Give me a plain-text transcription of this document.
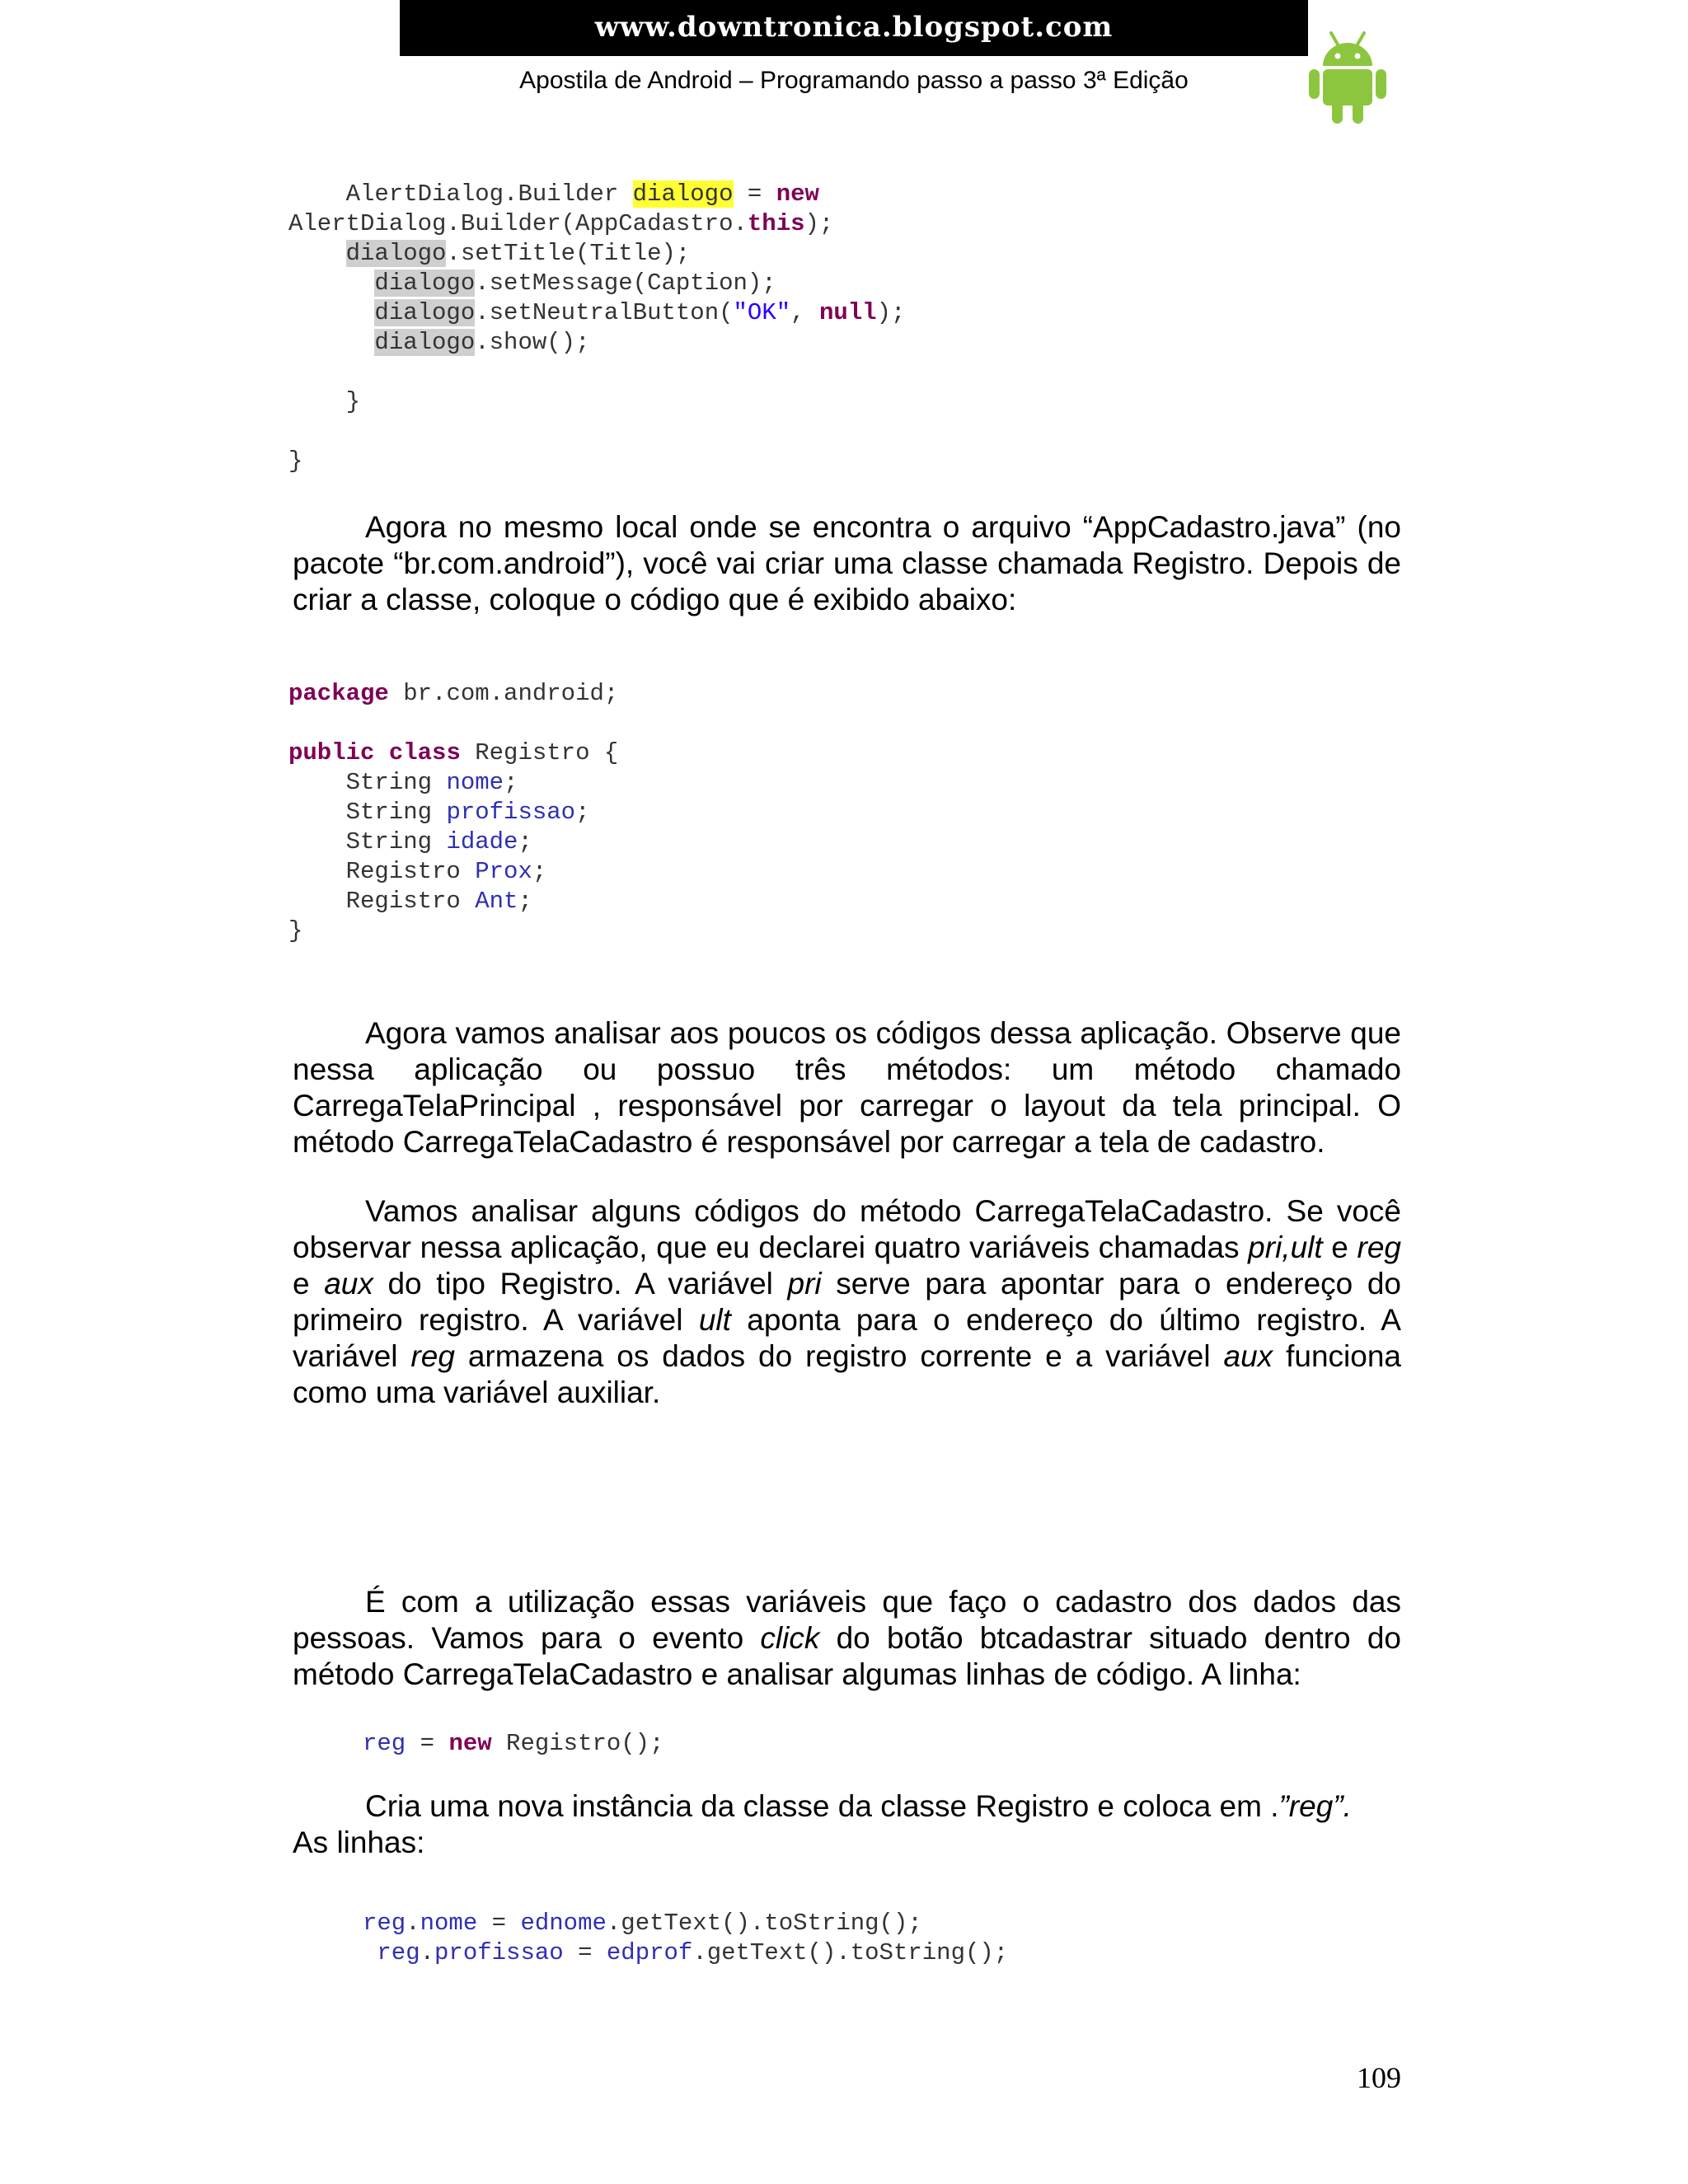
www.downtronica.blogspot.com
Apostila de Android – Programando passo a passo 3ª Edição
AlertDialog.Builder dialogo = new
AlertDialog.Builder(AppCadastro.this);
dialogo.setTitle(Title);
dialogo.setMessage(Caption);
dialogo.setNeutralButton("OK", null);
dialogo.show();

}

}

Agora no mesmo local onde se encontra o arquivo “AppCadastro.java” (no pacote “br.com.android”), você vai criar uma classe chamada Registro. Depois de criar a classe, coloque o código que é exibido abaixo:

package br.com.android;

public class Registro {
String nome;
String profissao;
String idade;
Registro Prox;
Registro Ant;
}

Agora vamos analisar aos poucos os códigos dessa aplicação. Observe que nessa aplicação ou possuo três métodos: um método chamado CarregaTelaPrincipal , responsável por carregar o layout da tela principal. O método CarregaTelaCadastro é responsável por carregar a tela de cadastro.

Vamos analisar alguns códigos do método CarregaTelaCadastro. Se você observar nessa aplicação, que eu declarei quatro variáveis chamadas pri,ult e reg e aux do tipo Registro. A variável pri serve para apontar para o endereço do primeiro registro. A variável ult aponta para o endereço do último registro. A variável reg armazena os dados do registro corrente e a variável aux funciona como uma variável auxiliar.

É com a utilização essas variáveis que faço o cadastro dos dados das pessoas. Vamos para o evento click do botão btcadastrar situado dentro do método CarregaTelaCadastro e analisar algumas linhas de código. A linha:

reg = new Registro();

Cria uma nova instância da classe da classe Registro e coloca em .”reg”.
As linhas:

reg.nome = ednome.getText().toString();
reg.profissao = edprof.getText().toString();
109
